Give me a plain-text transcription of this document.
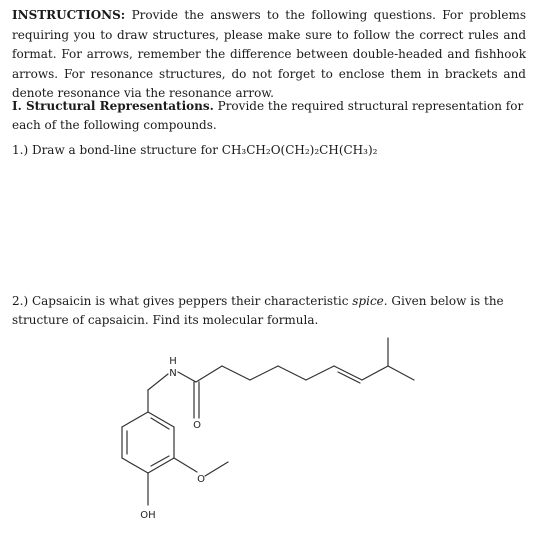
INSTRUCTIONS: Provide the answers to the following questions. For problems requiring you to draw structures, please make sure to follow the correct rules and format. For arrows, remember the difference between double-headed and fishhook arrows. For resonance structures, do not forget to enclose them in brackets and denote resonance via the resonance arrow.

I. Structural Representations. Provide the required structural representation for each of the following compounds.

1.) Draw a bond-line structure for CH₃CH₂O(CH₂)₂CH(CH₃)₂

2.) Capsaicin is what gives peppers their characteristic spice. Given below is the structure of capsaicin. Find its molecular formula.

H
N
O
O
OH
